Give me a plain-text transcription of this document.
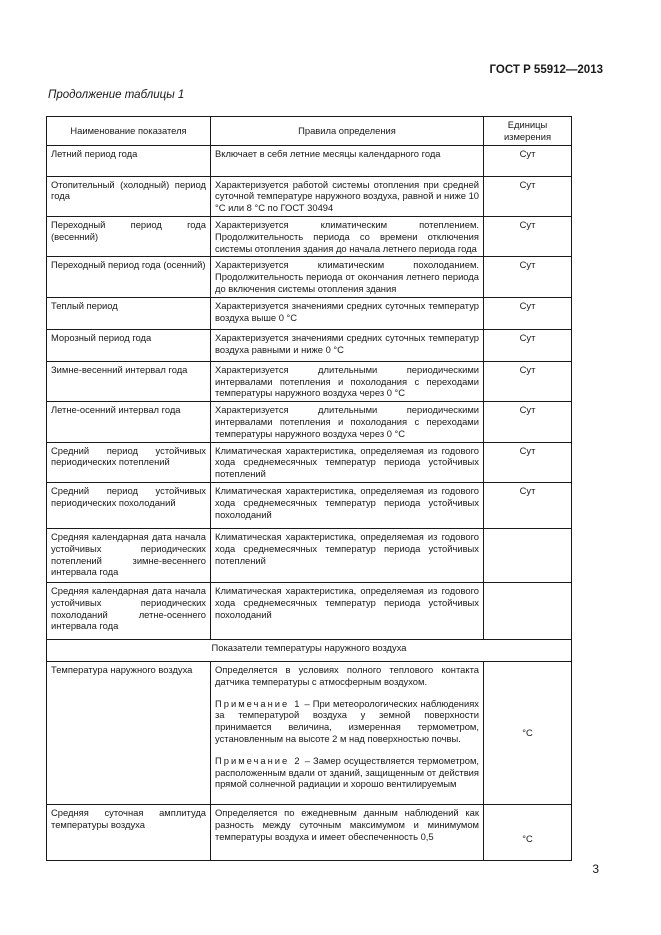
ГОСТ Р 55912—2013
Продолжение таблицы 1
Наименование показателя	Правила определения	Единицы измерения
Летний период года	Включает в себя летние месяцы календарного года	Сут
Отопительный (холодный) период года	Характеризуется работой системы отопления при средней суточной температуре наружного воздуха, равной и ниже 10 °С или 8 °С по ГОСТ 30494	Сут
Переходный период года (весенний)	Характеризуется климатическим потеплением. Продолжительность периода со времени отключения системы отопления здания до начала летнего периода года	Сут
Переходный период года (осенний)	Характеризуется климатическим похолоданием. Продолжительность периода от окончания летнего периода до включения системы отопления здания	Сут
Теплый период	Характеризуется значениями средних суточных температур воздуха выше 0 °С	Сут
Морозный период года	Характеризуется значениями средних суточных температур воздуха равными и ниже 0 °С	Сут
Зимне-весенний интервал года	Характеризуется длительными периодическими интервалами потепления и похолодания с переходами температуры наружного воздуха через 0 °С	Сут
Летне-осенний интервал года	Характеризуется длительными периодическими интервалами потепления и похолодания с переходами температуры наружного воздуха через 0 °С	Сут
Средний период устойчивых периодических потеплений	Климатическая характеристика, определяемая из годового хода среднемесячных температур периода устойчивых потеплений	Сут
Средний период устойчивых периодических похолоданий	Климатическая характеристика, определяемая из годового хода среднемесячных температур периода устойчивых похолоданий	Сут
Средняя календарная дата начала устойчивых периодических потеплений зимне-весеннего интервала года	Климатическая характеристика, определяемая из годового хода среднемесячных температур периода устойчивых потеплений	
Средняя календарная дата начала устойчивых периодических похолоданий летне-осеннего интервала года	Климатическая характеристика, определяемая из годового хода среднемесячных температур периода устойчивых похолоданий	
Показатели температуры наружного воздуха		
Температура наружного воздуха	Определяется в условиях полного теплового контакта датчика температуры с атмосферным воздухом.

Примечание 1 – При метеорологических наблюдениях за температурой воздуха у земной поверхности принимается величина, измеренная термометром, установленным на высоте 2 м над поверхностью почвы.

Примечание 2 – Замер осуществляется термометром, расположенным вдали от зданий, защищенным от действия прямой солнечной радиации и хорошо вентилируемым	°С
Средняя суточная амплитуда температуры воздуха	Определяется по ежедневным данным наблюдений как разность между суточным максимумом и минимумом температуры воздуха и имеет обеспеченность 0,5	°С
3
